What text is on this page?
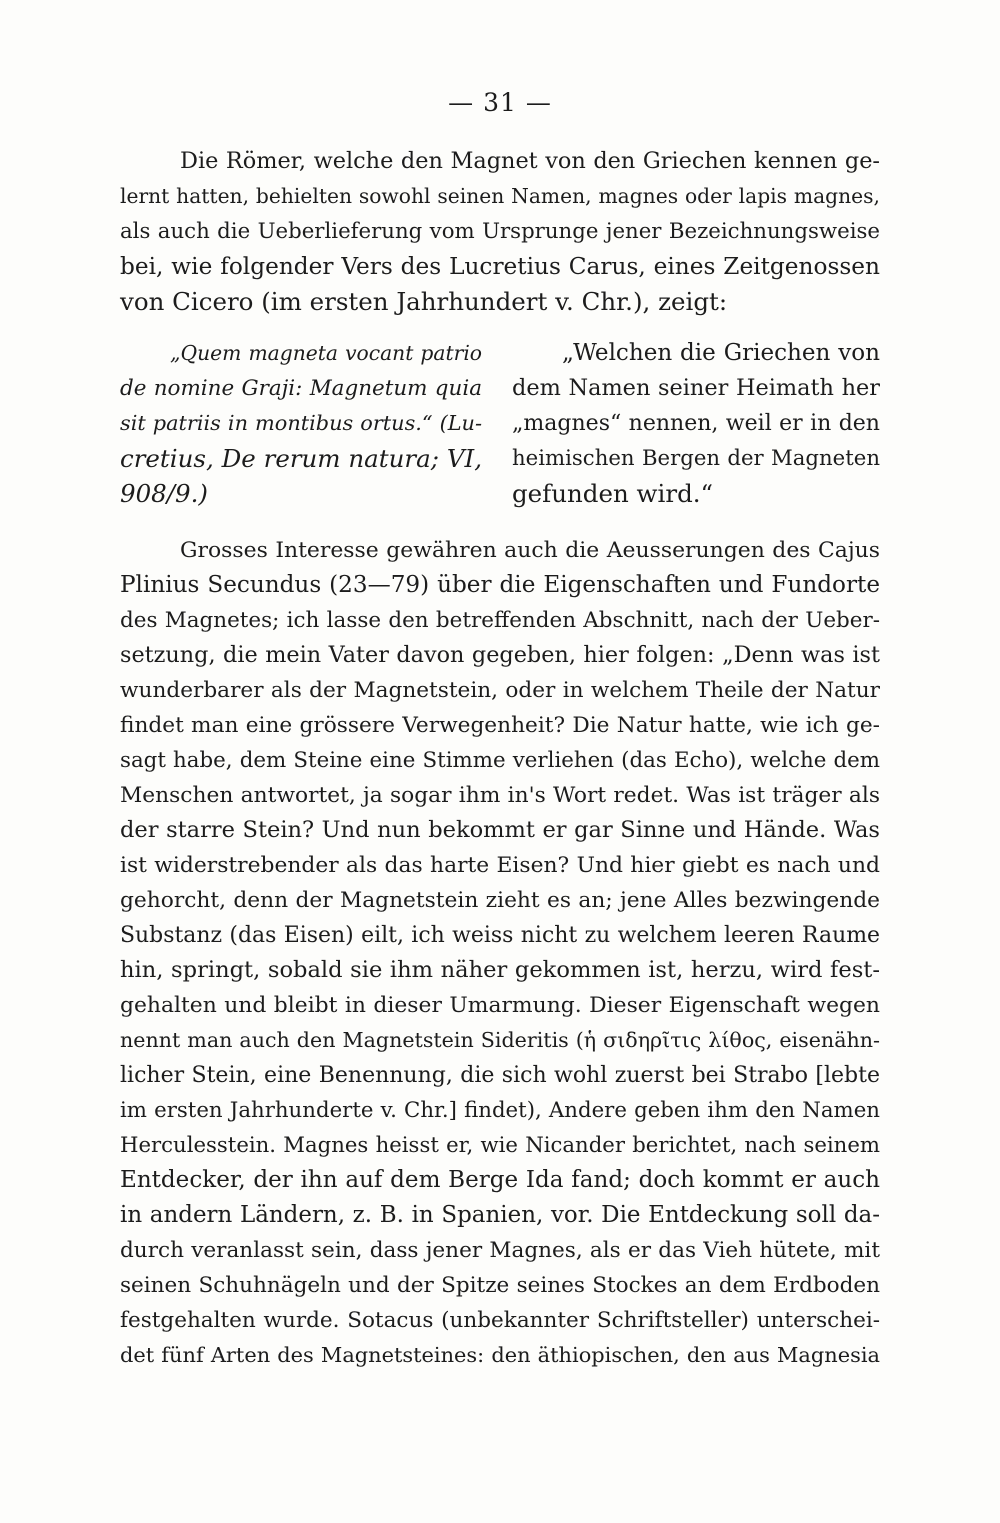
— 31 —
Die Römer, welche den Magnet von den Griechen kennen ge-
lernt hatten, behielten sowohl seinen Namen, magnes oder lapis magnes,
als auch die Ueberlieferung vom Ursprunge jener Bezeichnungsweise
bei, wie folgender Vers des Lucretius Carus, eines Zeitgenossen
von Cicero (im ersten Jahrhundert v. Chr.), zeigt:
„Quem magneta vocant patrio
de nomine Graji: Magnetum quia
sit patriis in montibus ortus.“ (Lu-
cretius, De rerum natura; VI,
908/9.)
„Welchen die Griechen von
dem Namen seiner Heimath her
„magnes“ nennen, weil er in den
heimischen Bergen der Magneten
gefunden wird.“
Grosses Interesse gewähren auch die Aeusserungen des Cajus
Plinius Secundus (23—79) über die Eigenschaften und Fundorte
des Magnetes; ich lasse den betreffenden Abschnitt, nach der Ueber-
setzung, die mein Vater davon gegeben, hier folgen: „Denn was ist
wunderbarer als der Magnetstein, oder in welchem Theile der Natur
findet man eine grössere Verwegenheit? Die Natur hatte, wie ich ge-
sagt habe, dem Steine eine Stimme verliehen (das Echo), welche dem
Menschen antwortet, ja sogar ihm in's Wort redet. Was ist träger als
der starre Stein? Und nun bekommt er gar Sinne und Hände. Was
ist widerstrebender als das harte Eisen? Und hier giebt es nach und
gehorcht, denn der Magnetstein zieht es an; jene Alles bezwingende
Substanz (das Eisen) eilt, ich weiss nicht zu welchem leeren Raume
hin, springt, sobald sie ihm näher gekommen ist, herzu, wird fest-
gehalten und bleibt in dieser Umarmung. Dieser Eigenschaft wegen
nennt man auch den Magnetstein Sideritis (ἡ σιδηρῖτις λίθος, eisenähn-
licher Stein, eine Benennung, die sich wohl zuerst bei Strabo [lebte
im ersten Jahrhunderte v. Chr.] findet), Andere geben ihm den Namen
Herculesstein. Magnes heisst er, wie Nicander berichtet, nach seinem
Entdecker, der ihn auf dem Berge Ida fand; doch kommt er auch
in andern Ländern, z. B. in Spanien, vor. Die Entdeckung soll da-
durch veranlasst sein, dass jener Magnes, als er das Vieh hütete, mit
seinen Schuhnägeln und der Spitze seines Stockes an dem Erdboden
festgehalten wurde. Sotacus (unbekannter Schriftsteller) unterschei-
det fünf Arten des Magnetsteines: den äthiopischen, den aus Magnesia
